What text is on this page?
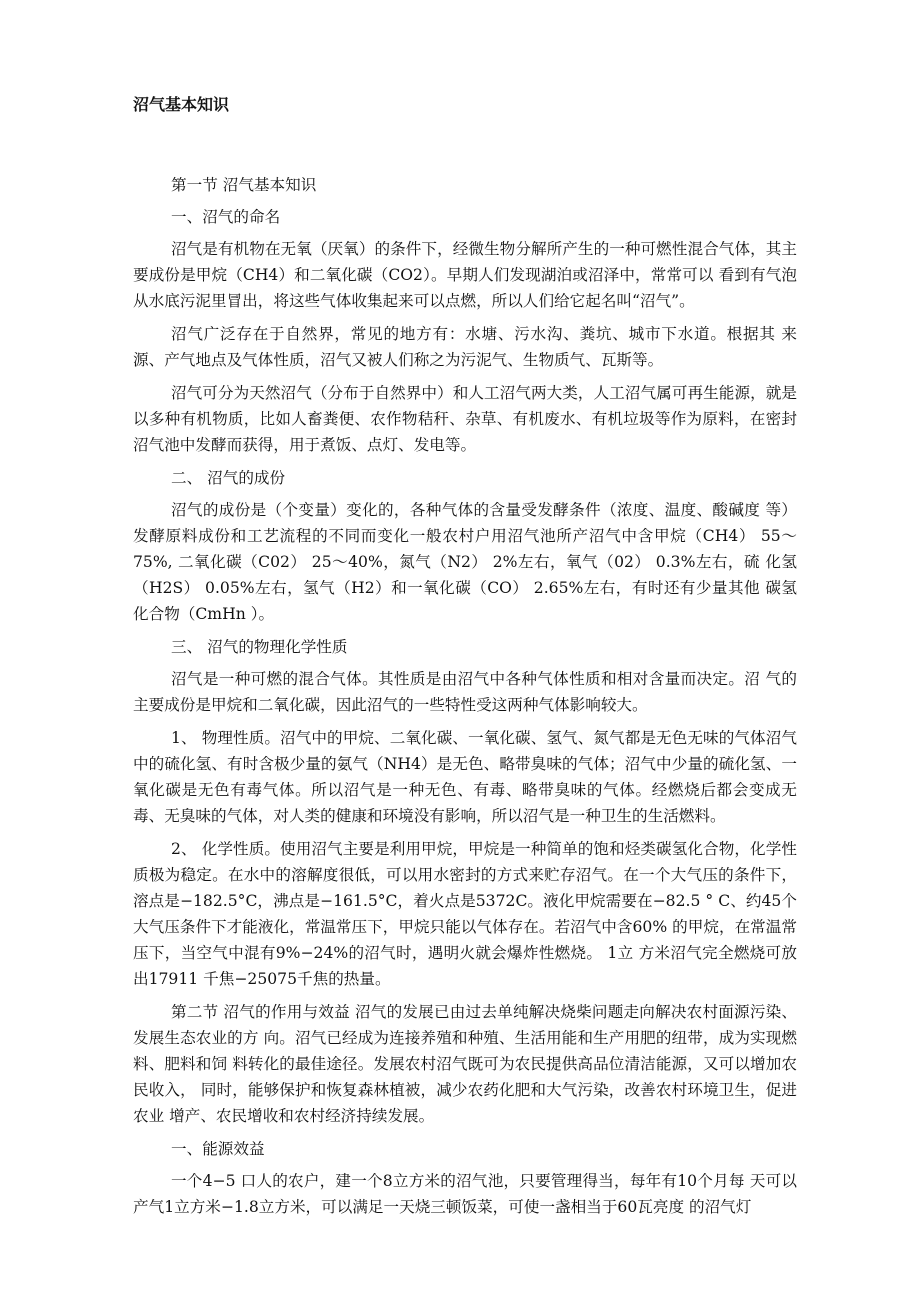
沼气基本知识

第一节 沼气基本知识

一、沼气的命名

沼气是有机物在无氧（厌氧）的条件下，经微生物分解所产生的一种可燃性混合气体，其主要成份是甲烷（CH4）和二氧化碳（CO2）。早期人们发现湖泊或沼泽中，常常可以 看到有气泡从水底污泥里冒出，将这些气体收集起来可以点燃，所以人们给它起名叫“沼气”。

沼气广泛存在于自然界，常见的地方有：水塘、污水沟、粪坑、城市下水道。根据其 来源、产气地点及气体性质，沼气又被人们称之为污泥气、生物质气、瓦斯等。

沼气可分为天然沼气（分布于自然界中）和人工沼气两大类，人工沼气属可再生能源，就是以多种有机物质，比如人畜粪便、农作物秸秆、杂草、有机废水、有机垃圾等作为原料，在密封沼气池中发酵而获得，用于煮饭、点灯、发电等。

二、 沼气的成份

沼气的成份是（个变量）变化的，各种气体的含量受发酵条件（浓度、温度、酸碱度 等）发酵原料成份和工艺流程的不同而变化一般农村户用沼气池所产沼气中含甲烷（CH4） 55～75%, 二氧化碳（C02） 25～40%，氮气（N2） 2%左右，氧气（02） 0.3%左右，硫 化氢（H2S） 0.05%左右，氢气（H2）和一氧化碳（CO） 2.65%左右，有时还有少量其他 碳氢化合物（CmHn ）。

三、 沼气的物理化学性质

沼气是一种可燃的混合气体。其性质是由沼气中各种气体性质和相对含量而决定。沼 气的主要成份是甲烷和二氧化碳，因此沼气的一些特性受这两种气体影响较大。

1、 物理性质。沼气中的甲烷、二氧化碳、一氧化碳、氢气、氮气都是无色无味的气体沼气中的硫化氢、有时含极少量的氨气（NH4）是无色、略带臭味的气体；沼气中少量的硫化氢、一氧化碳是无色有毒气体。所以沼气是一种无色、有毒、略带臭味的气体。经燃烧后都会变成无毒、无臭味的气体，对人类的健康和环境没有影响，所以沼气是一种卫生的生活燃料。

2、 化学性质。使用沼气主要是利用甲烷，甲烷是一种简单的饱和烃类碳氢化合物，化学性质极为稳定。在水中的溶解度很低，可以用水密封的方式来贮存沼气。在一个大气压的条件下，溶点是−182.5°C，沸点是−161.5°C，着火点是5372C。液化甲烷需要在−82.5 ° C、约45个大气压条件下才能液化，常温常压下，甲烷只能以气体存在。若沼气中含60% 的甲烷，在常温常压下，当空气中混有9%−24%的沼气时，遇明火就会爆炸性燃烧。 1立 方米沼气完全燃烧可放出17911 千焦−25075千焦的热量。

第二节 沼气的作用与效益 沼气的发展已由过去单纯解决烧柴问题走向解决农村面源污染、发展生态农业的方 向。沼气已经成为连接养殖和种殖、生活用能和生产用肥的纽带，成为实现燃料、肥料和饲 料转化的最佳途径。发展农村沼气既可为农民提供高品位清洁能源，又可以增加农民收入， 同时，能够保护和恢复森林植被，减少农药化肥和大气污染，改善农村环境卫生，促进农业 增产、农民增收和农村经济持续发展。

一、能源效益

一个4−5 口人的农户，建一个8立方米的沼气池，只要管理得当，每年有10个月每 天可以产气1立方米−1.8立方米，可以满足一天烧三顿饭菜，可使一盏相当于60瓦亮度 的沼气灯
